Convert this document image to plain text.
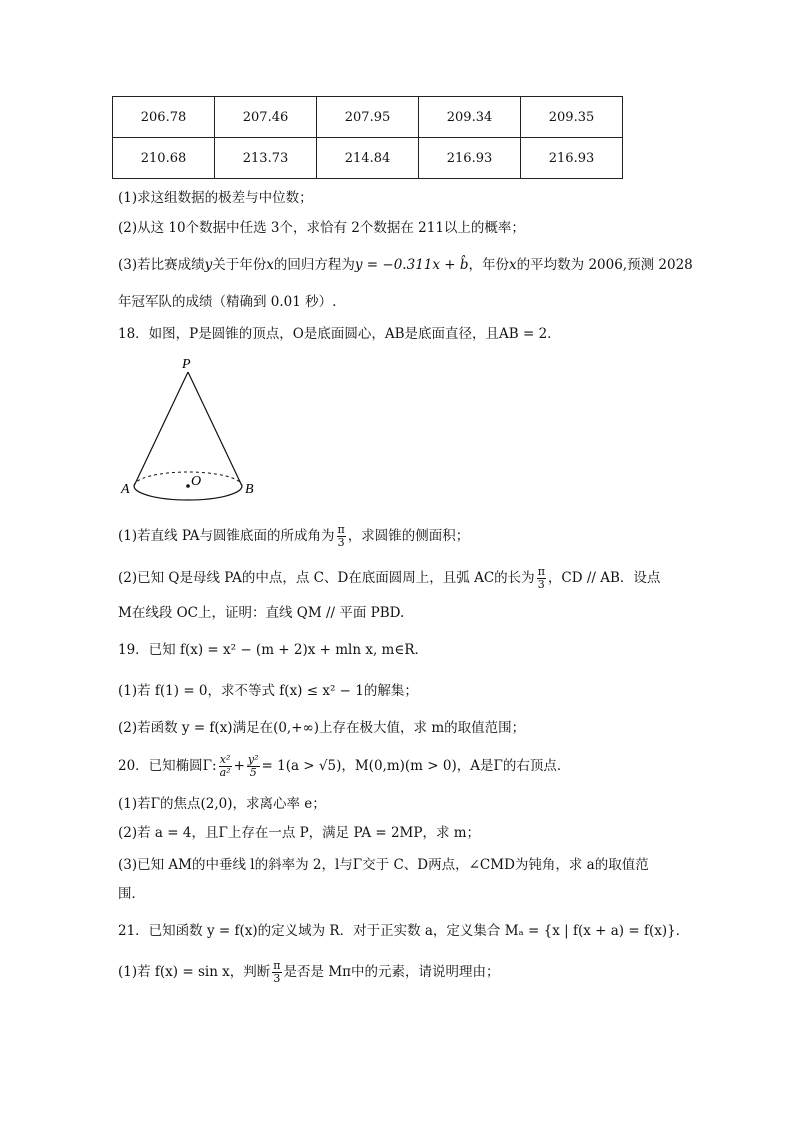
206.78	207.46	207.95	209.34	209.35
210.68	213.73	214.84	216.93	216.93
(1)求这组数据的极差与中位数；
(2)从这 10个数据中任选 3个，求恰有 2个数据在 211以上的概率；
(3)若比赛成绩y关于年份x的回归方程为y = −0.311x + b̂，年份x的平均数为 2006,预测 2028
年冠军队的成绩（精确到 0.01 秒）.
18．如图，P是圆锥的顶点，O是底面圆心，AB是底面直径，且AB = 2．
P
O
A	B
(1)若直线 PA与圆锥底面的所成角为 $\frac{\pi}{3}$ ，求圆锥的侧面积；
(2)已知 Q是母线 PA的中点，点 C、D在底面圆周上，且弧 AC的长为 $\frac{\pi}{3}$ ，CD // AB．设点
M在线段 OC上，证明：直线 QM // 平面 PBD.
19．已知 f(x) = x² − (m + 2)x + mln x, m∈R．
(1)若 f(1) = 0，求不等式 f(x) ≤ x² − 1的解集；
(2)若函数 y = f(x)满足在(0,+∞)上存在极大值，求 m的取值范围；
20．已知椭圆Γ: $\frac{\text{x²}}{\text{a²}} + \frac{\text{y²}}{5} = 1(a > √5)$，M(0,m)(m > 0)，A是Γ的右顶点．
(1)若Γ的焦点(2,0)，求离心率 e；
(2)若 a = 4，且Γ上存在一点 P，满足 PA = 2MP，求 m；
(3)已知 AM的中垂线 l的斜率为 2，l与Γ交于 C、D两点，∠CMD为钝角，求 a的取值范
围．
21．已知函数 y = f(x)的定义域为 R．对于正实数 a，定义集合 Mₐ = {x | f(x + a) = f(x)}．
(1)若 f(x) = sin x，判断 $\frac{\pi}{3}$ 是否是 Mπ中的元素，请说明理由；
